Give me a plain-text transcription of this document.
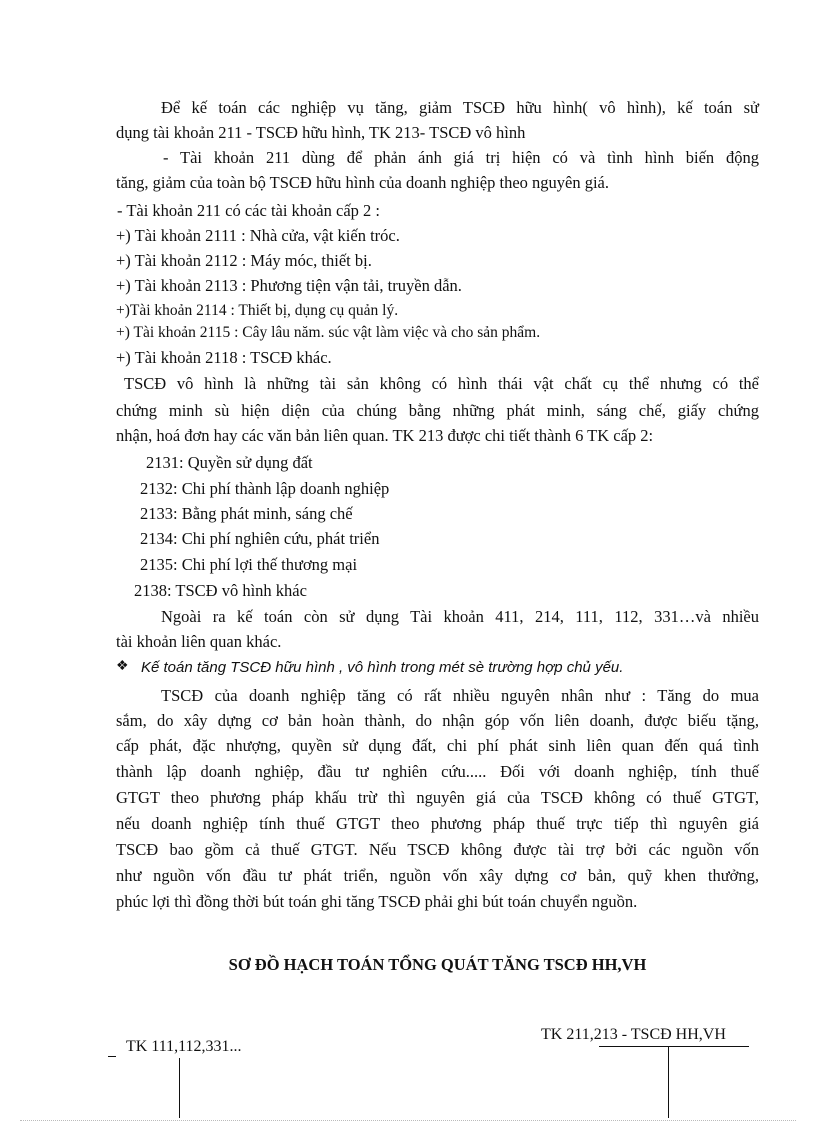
Để kế toán các nghiệp vụ tăng, giảm TSCĐ hữu hình( vô hình), kế toán sử
dụng tài khoản 211 - TSCĐ hữu hình, TK 213- TSCĐ vô hình
- Tài khoản 211 dùng để phản ánh giá trị hiện có và tình hình biến động
tăng, giảm của toàn bộ TSCĐ hữu hình của doanh nghiệp theo nguyên giá.
- Tài khoản 211 có các tài khoản cấp 2 :
+) Tài khoản 2111 : Nhà cửa, vật kiến tróc.
+) Tài khoản 2112 : Máy móc, thiết bị.
+) Tài khoản 2113 : Phương tiện vận tải, truyền dẫn.
+)Tài khoản 2114 : Thiết bị, dụng cụ quản lý.
+) Tài khoản 2115 : Cây lâu năm. súc vật làm việc và cho sản phẩm.
+) Tài khoản 2118 : TSCĐ khác.
TSCĐ vô hình là những tài sản không có hình thái vật chất cụ thể nhưng có thể
chứng minh sù hiện diện của chúng bằng những phát minh, sáng chế, giấy chứng
nhận, hoá đơn hay các văn bản liên quan. TK 213 được chi tiết thành 6 TK cấp 2:
2131: Quyền sử dụng đất
2132: Chi phí thành lập doanh nghiệp
2133: Bằng phát minh, sáng chế
2134: Chi phí nghiên cứu, phát triển
2135: Chi phí lợi thế thương mại
2138: TSCĐ vô hình khác
Ngoài ra kế toán còn sử dụng Tài khoản 411, 214, 111, 112, 331…và nhiều
tài khoản liên quan khác.
❖ Kế toán tăng TSCĐ hữu hình , vô hình trong mét sè trường hợp chủ yếu.
TSCĐ của doanh nghiệp tăng có rất nhiều nguyên nhân như : Tăng do mua
sắm, do xây dựng cơ bản hoàn thành, do nhận góp vốn liên doanh, được biếu tặng,
cấp phát, đặc nhượng, quyền sử dụng đất, chi phí phát sinh liên quan đến quá tình
thành lập doanh nghiệp, đầu tư nghiên cứu..... Đối với doanh nghiệp, tính thuế
GTGT theo phương pháp khấu trừ thì nguyên giá của TSCĐ không có thuế GTGT,
nếu doanh nghiệp tính thuế GTGT theo phương pháp thuế trực tiếp thì nguyên giá
TSCĐ bao gồm cả thuế GTGT. Nếu TSCĐ không được tài trợ bởi các nguồn vốn
như nguồn vốn đầu tư phát triển, nguồn vốn xây dựng cơ bản, quỹ khen thưởng,
phúc lợi thì đồng thời bút toán ghi tăng TSCĐ phải ghi bút toán chuyển nguồn.
SƠ ĐỒ HẠCH TOÁN TỔNG QUÁT TĂNG TSCĐ HH,VH
TK 111,112,331...
TK 211,213 - TSCĐ HH,VH
